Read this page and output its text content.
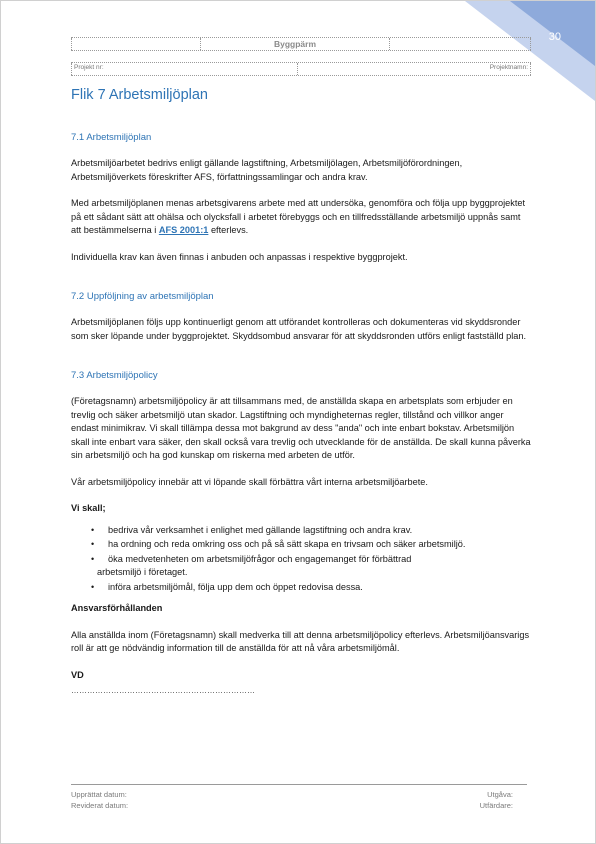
30
Byggpärm
Projekt nr:	Projektnamn:
Flik 7 Arbetsmiljöplan
7.1 Arbetsmiljöplan

Arbetsmiljöarbetet bedrivs enligt gällande lagstiftning, Arbetsmiljölagen, Arbetsmiljöförordningen, Arbetsmiljöverkets föreskrifter AFS, författningssamlingar och andra krav.

Med arbetsmiljöplanen menas arbetsgivarens arbete med att undersöka, genomföra och följa upp byggprojektet på ett sådant sätt att ohälsa och olycksfall i arbetet förebyggs och en tillfredsställande arbetsmiljö uppnås samt att bestämmelserna i AFS 2001:1 efterlevs.

Individuella krav kan även finnas i anbuden och anpassas i respektive byggprojekt.

7.2 Uppföljning av arbetsmiljöplan

Arbetsmiljöplanen följs upp kontinuerligt genom att utförandet kontrolleras och dokumenteras vid skyddsronder som sker löpande under byggprojektet. Skyddsombud ansvarar för att skyddsronden utförs enligt fastställd plan.

7.3 Arbetsmiljöpolicy

(Företagsnamn) arbetsmiljöpolicy är att tillsammans med, de anställda skapa en arbetsplats som erbjuder en trevlig och säker arbetsmiljö utan skador. Lagstiftning och myndigheternas regler, tillstånd och villkor anger endast minimikrav. Vi skall tillämpa dessa mot bakgrund av dess "anda" och inte enbart bokstav. Arbetsmiljön skall inte enbart vara säker, den skall också vara trevlig och utvecklande för de anställda. De skall kunna påverka sin arbetsmiljö och ha god kunskap om riskerna med arbeten de utför.

Vår arbetsmiljöpolicy innebär att vi löpande skall förbättra vårt interna arbetsmiljöarbete.

Vi skall;

• bedriva vår verksamhet i enlighet med gällande lagstiftning och andra krav.
• ha ordning och reda omkring oss och på så sätt skapa en trivsam och säker arbetsmiljö.
• öka medvetenheten om arbetsmiljöfrågor och engagemanget för förbättrad
arbetsmiljö i företaget.
• införa arbetsmiljömål, följa upp dem och öppet redovisa dessa.

Ansvarsförhållanden

Alla anställda inom (Företagsnamn) skall medverka till att denna arbetsmiljöpolicy efterlevs. Arbetsmiljöansvarigs roll är att ge nödvändig information till de anställda för att nå våra arbetsmiljömål.

VD

……………………………………………………………
Upprättat datum:	Utgåva:
Reviderat datum:	Utfärdare:
